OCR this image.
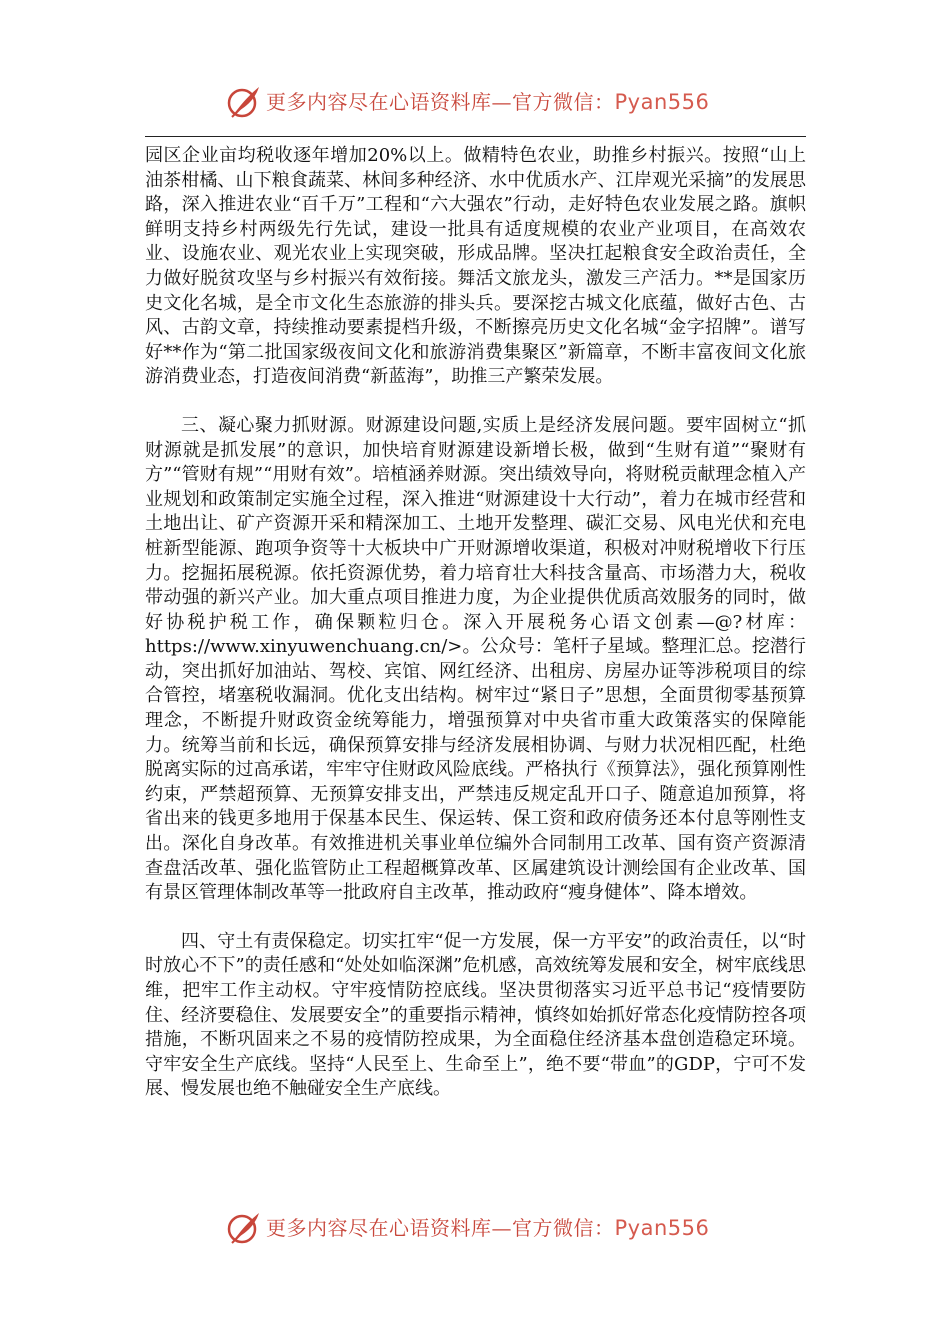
更多内容尽在心语资料库—官方微信：Pyan556

园区企业亩均税收逐年增加20%以上。做精特色农业，助推乡村振兴。按照“山上油茶柑橘、山下粮食蔬菜、林间多种经济、水中优质水产、江岸观光采摘”的发展思路，深入推进农业“百千万”工程和“六大强农”行动，走好特色农业发展之路。旗帜鲜明支持乡村两级先行先试，建设一批具有适度规模的农业产业项目，在高效农业、设施农业、观光农业上实现突破，形成品牌。坚决扛起粮食安全政治责任，全力做好脱贫攻坚与乡村振兴有效衔接。舞活文旅龙头，激发三产活力。**是国家历史文化名城，是全市文化生态旅游的排头兵。要深挖古城文化底蕴，做好古色、古风、古韵文章，持续推动要素提档升级，不断擦亮历史文化名城“金字招牌”。谱写好**作为“第二批国家级夜间文化和旅游消费集聚区”新篇章，不断丰富夜间文化旅游消费业态，打造夜间消费“新蓝海”，助推三产繁荣发展。

三、凝心聚力抓财源。财源建设问题,实质上是经济发展问题。要牢固树立“抓财源就是抓发展”的意识，加快培育财源建设新增长极，做到“生财有道”“聚财有方”“管财有规”“用财有效”。培植涵养财源。突出绩效导向，将财税贡献理念植入产业规划和政策制定实施全过程，深入推进“财源建设十大行动”，着力在城市经营和土地出让、矿产资源开采和精深加工、土地开发整理、碳汇交易、风电光伏和充电桩新型能源、跑项争资等十大板块中广开财源增收渠道，积极对冲财税增收下行压力。挖掘拓展税源。依托资源优势，着力培育壮大科技含量高、市场潜力大，税收带动强的新兴产业。加大重点项目推进力度，为企业提供优质高效服务的同时，做好协税护税工作，确保颗粒归仓。深入开展税务心语文创素—@?材库：https://www.xinyuwenchuang.cn/>。公众号：笔杆子星域。整理汇总。挖潜行动，突出抓好加油站、驾校、宾馆、网红经济、出租房、房屋办证等涉税项目的综合管控，堵塞税收漏洞。优化支出结构。树牢过“紧日子”思想，全面贯彻零基预算理念，不断提升财政资金统筹能力，增强预算对中央省市重大政策落实的保障能力。统筹当前和长远，确保预算安排与经济发展相协调、与财力状况相匹配，杜绝脱离实际的过高承诺，牢牢守住财政风险底线。严格执行《预算法》，强化预算刚性约束，严禁超预算、无预算安排支出，严禁违反规定乱开口子、随意追加预算，将省出来的钱更多地用于保基本民生、保运转、保工资和政府债务还本付息等刚性支出。深化自身改革。有效推进机关事业单位编外合同制用工改革、国有资产资源清查盘活改革、强化监管防止工程超概算改革、区属建筑设计测绘国有企业改革、国有景区管理体制改革等一批政府自主改革，推动政府“瘦身健体”、降本增效。

四、守土有责保稳定。切实扛牢“促一方发展，保一方平安”的政治责任，以“时时放心不下”的责任感和“处处如临深渊”危机感，高效统筹发展和安全，树牢底线思维，把牢工作主动权。守牢疫情防控底线。坚决贯彻落实习近平总书记“疫情要防住、经济要稳住、发展要安全”的重要指示精神，慎终如始抓好常态化疫情防控各项措施，不断巩固来之不易的疫情防控成果，为全面稳住经济基本盘创造稳定环境。守牢安全生产底线。坚持“人民至上、生命至上”，绝不要“带血”的GDP，宁可不发展、慢发展也绝不触碰安全生产底线。

更多内容尽在心语资料库—官方微信：Pyan556
